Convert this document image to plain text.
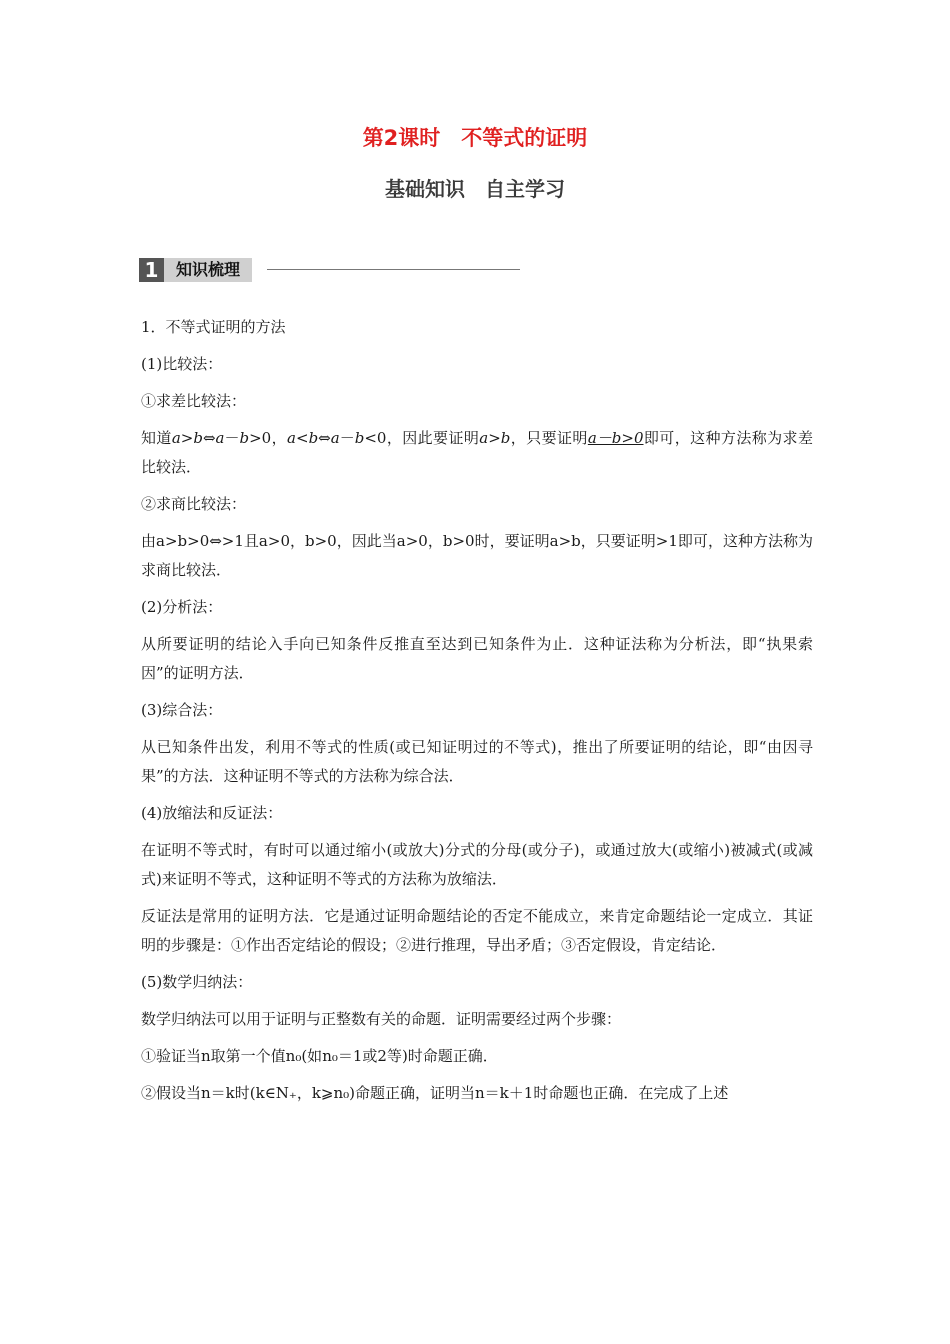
第2课时　不等式的证明
基础知识　自主学习
1	知识梳理

1．不等式证明的方法

(1)比较法：

①求差比较法：

知道a>b⇔a－b>0，a<b⇔a－b<0，因此要证明a>b，只要证明a－b>0即可，这种方法称为求差比较法．

②求商比较法：

由a>b>0⇔>1且a>0，b>0，因此当a>0，b>0时，要证明a>b，只要证明>1即可，这种方法称为求商比较法．

(2)分析法：

从所要证明的结论入手向已知条件反推直至达到已知条件为止．这种证法称为分析法，即“执果索因”的证明方法．

(3)综合法：

从已知条件出发，利用不等式的性质(或已知证明过的不等式)，推出了所要证明的结论，即“由因寻果”的方法．这种证明不等式的方法称为综合法．

(4)放缩法和反证法：

在证明不等式时，有时可以通过缩小(或放大)分式的分母(或分子)，或通过放大(或缩小)被减式(或减式)来证明不等式，这种证明不等式的方法称为放缩法．

反证法是常用的证明方法．它是通过证明命题结论的否定不能成立，来肯定命题结论一定成立．其证明的步骤是：①作出否定结论的假设；②进行推理，导出矛盾；③否定假设，肯定结论．

(5)数学归纳法：

数学归纳法可以用于证明与正整数有关的命题．证明需要经过两个步骤：

①验证当n取第一个值n₀(如n₀＝1或2等)时命题正确．

②假设当n＝k时(k∈N₊，k⩾n₀)命题正确，证明当n＝k＋1时命题也正确．在完成了上述
